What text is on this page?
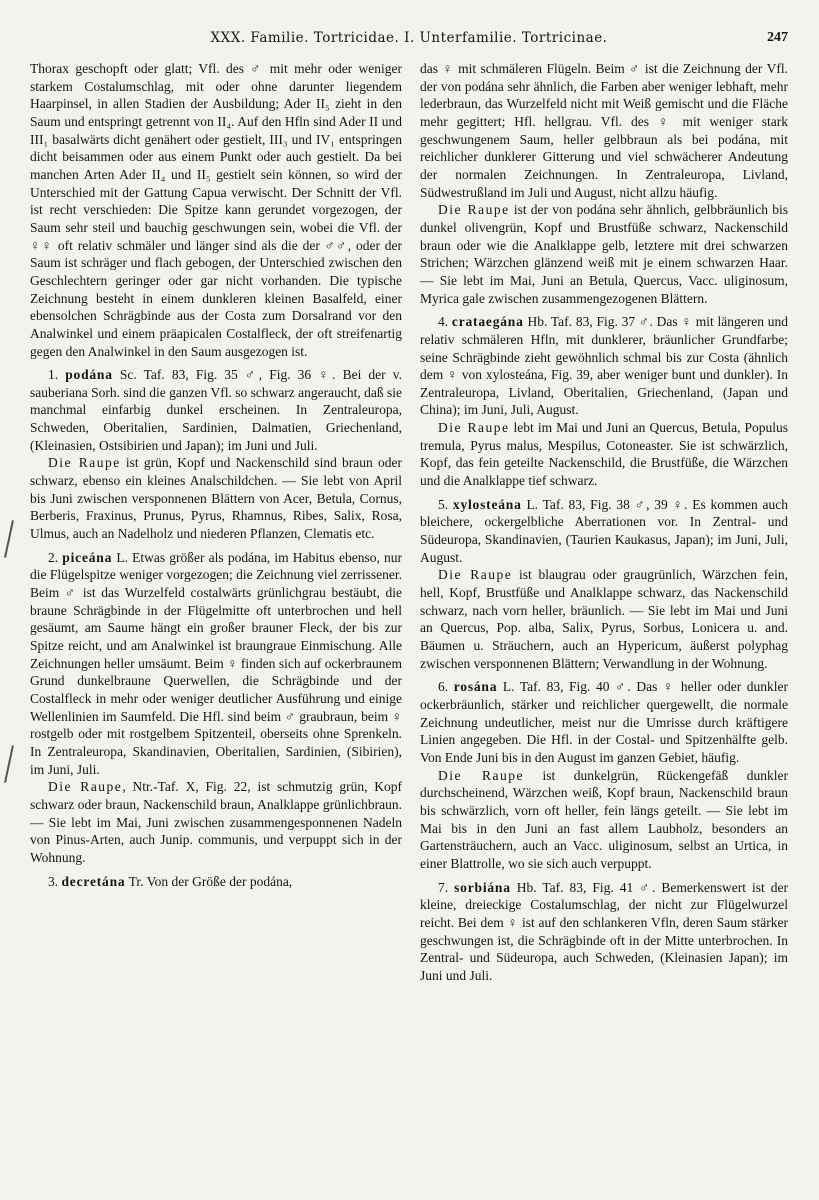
XXX. Familie. Tortricidae. I. Unterfamilie. Tortricinae.	247

Thorax geschopft oder glatt; Vfl. des ♂ mit mehr oder weniger starkem Costalumschlag, mit oder ohne darunter liegendem Haarpinsel, in allen Stadien der Ausbildung; Ader II₅ zieht in den Saum und entspringt getrennt von II₄. Auf den Hfln sind Ader II und III₁ basalwärts dicht genähert oder gestielt, III₃ und IV₁ entspringen dicht beisammen oder aus einem Punkt oder auch gestielt. Da bei manchen Arten Ader II₄ und II₅ gestielt sein können, so wird der Unterschied mit der Gattung Capua verwischt. Der Schnitt der Vfl. ist recht verschieden: Die Spitze kann gerundet vorgezogen, der Saum sehr steil und bauchig geschwungen sein, wobei die Vfl. der ♀♀ oft relativ schmäler und länger sind als die der ♂♂, oder der Saum ist schräger und flach gebogen, der Unterschied zwischen den Geschlechtern geringer oder gar nicht vorhanden. Die typische Zeichnung besteht in einem dunkleren kleinen Basalfeld, einer ebensolchen Schrägbinde aus der Costa zum Dorsalrand vor den Analwinkel und einem präapicalen Costalfleck, der oft streifenartig gegen den Analwinkel in den Saum ausgezogen ist.

1. podána Sc. Taf. 83, Fig. 35 ♂, Fig. 36 ♀. Bei der v. sauberiana Sorh. sind die ganzen Vfl. so schwarz angeraucht, daß sie manchmal einfarbig dunkel erscheinen. In Zentraleuropa, Schweden, Oberitalien, Sardinien, Dalmatien, Griechenland, (Kleinasien, Ostsibirien und Japan); im Juni und Juli.

Die Raupe ist grün, Kopf und Nackenschild sind braun oder schwarz, ebenso ein kleines Analschildchen. — Sie lebt von April bis Juni zwischen versponnenen Blättern von Acer, Betula, Cornus, Berberis, Fraxinus, Prunus, Pyrus, Rhamnus, Ribes, Salix, Rosa, Ulmus, auch an Nadelholz und niederen Pflanzen, Clematis etc.

2. piceána L. Etwas größer als podána, im Habitus ebenso, nur die Flügelspitze weniger vorgezogen; die Zeichnung viel zerrissener. Beim ♂ ist das Wurzelfeld costalwärts grünlichgrau bestäubt, die braune Schrägbinde in der Flügelmitte oft unterbrochen und hell gesäumt, am Saume hängt ein großer brauner Fleck, der bis zur Spitze reicht, und am Analwinkel ist braungraue Einmischung. Alle Zeichnungen heller umsäumt. Beim ♀ finden sich auf ockerbraunem Grund dunkelbraune Querwellen, die Schrägbinde und der Costalfleck in mehr oder weniger deutlicher Ausführung und einige Wellenlinien im Saumfeld. Die Hfl. sind beim ♂ graubraun, beim ♀ rostgelb oder mit rostgelbem Spitzenteil, oberseits ohne Sprenkeln. In Zentraleuropa, Skandinavien, Oberitalien, Sardinien, (Sibirien), im Juni, Juli.

Die Raupe, Ntr.-Taf. X, Fig. 22, ist schmutzig grün, Kopf schwarz oder braun, Nackenschild braun, Analklappe grünlichbraun. — Sie lebt im Mai, Juni zwischen zusammengesponnenen Nadeln von Pinus-Arten, auch Junip. communis, und verpuppt sich in der Wohnung.

3. decretána Tr. Von der Größe der podána,

das ♀ mit schmäleren Flügeln. Beim ♂ ist die Zeichnung der Vfl. der von podána sehr ähnlich, die Farben aber weniger lebhaft, mehr lederbraun, das Wurzelfeld nicht mit Weiß gemischt und die Fläche mehr gegittert; Hfl. hellgrau. Vfl. des ♀ mit weniger stark geschwungenem Saum, heller gelbbraun als bei podána, mit reichlicher dunklerer Gitterung und viel schwächerer Andeutung der normalen Zeichnungen. In Zentraleuropa, Livland, Südwestrußland im Juli und August, nicht allzu häufig.

Die Raupe ist der von podána sehr ähnlich, gelbbräunlich bis dunkel olivengrün, Kopf und Brustfüße schwarz, Nackenschild braun oder wie die Analklappe gelb, letztere mit drei schwarzen Strichen; Wärzchen glänzend weiß mit je einem schwarzen Haar. — Sie lebt im Mai, Juni an Betula, Quercus, Vacc. uliginosum, Myrica gale zwischen zusammengezogenen Blättern.

4. crataegána Hb. Taf. 83, Fig. 37 ♂. Das ♀ mit längeren und relativ schmäleren Hfln, mit dunklerer, bräunlicher Grundfarbe; seine Schrägbinde zieht gewöhnlich schmal bis zur Costa (ähnlich dem ♀ von xylosteána, Fig. 39, aber weniger bunt und dunkler). In Zentraleuropa, Livland, Oberitalien, Griechenland, (Japan und China); im Juni, Juli, August.

Die Raupe lebt im Mai und Juni an Quercus, Betula, Populus tremula, Pyrus malus, Mespilus, Cotoneaster. Sie ist schwärzlich, Kopf, das fein geteilte Nackenschild, die Brustfüße, die Wärzchen und die Analklappe tief schwarz.

5. xylosteána L. Taf. 83, Fig. 38 ♂, 39 ♀. Es kommen auch bleichere, ockergelbliche Aberrationen vor. In Zentral- und Südeuropa, Skandinavien, (Taurien Kaukasus, Japan); im Juni, Juli, August.

Die Raupe ist blaugrau oder graugrünlich, Wärzchen fein, hell, Kopf, Brustfüße und Analklappe schwarz, das Nackenschild schwarz, nach vorn heller, bräunlich. — Sie lebt im Mai und Juni an Quercus, Pop. alba, Salix, Pyrus, Sorbus, Lonicera u. and. Bäumen u. Sträuchern, auch an Hypericum, äußerst polyphag zwischen versponnenen Blättern; Verwandlung in der Wohnung.

6. rosána L. Taf. 83, Fig. 40 ♂. Das ♀ heller oder dunkler ockerbräunlich, stärker und reichlicher quergewellt, die normale Zeichnung undeutlicher, meist nur die Umrisse durch kräftigere Linien angegeben. Die Hfl. in der Costal- und Spitzenhälfte gelb. Von Ende Juni bis in den August im ganzen Gebiet, häufig.

Die Raupe ist dunkelgrün, Rückengefäß dunkler durchscheinend, Wärzchen weiß, Kopf braun, Nackenschild braun bis schwärzlich, vorn oft heller, fein längs geteilt. — Sie lebt im Mai bis in den Juni an fast allem Laubholz, besonders an Gartensträuchern, auch an Vacc. uliginosum, selbst an Urtica, in einer Blattrolle, wo sie sich auch verpuppt.

7. sorbiána Hb. Taf. 83, Fig. 41 ♂. Bemerkenswert ist der kleine, dreieckige Costalumschlag, der nicht zur Flügelwurzel reicht. Bei dem ♀ ist auf den schlankeren Vfln, deren Saum stärker geschwungen ist, die Schrägbinde oft in der Mitte unterbrochen. In Zentral- und Südeuropa, auch Schweden, (Kleinasien Japan); im Juni und Juli.
